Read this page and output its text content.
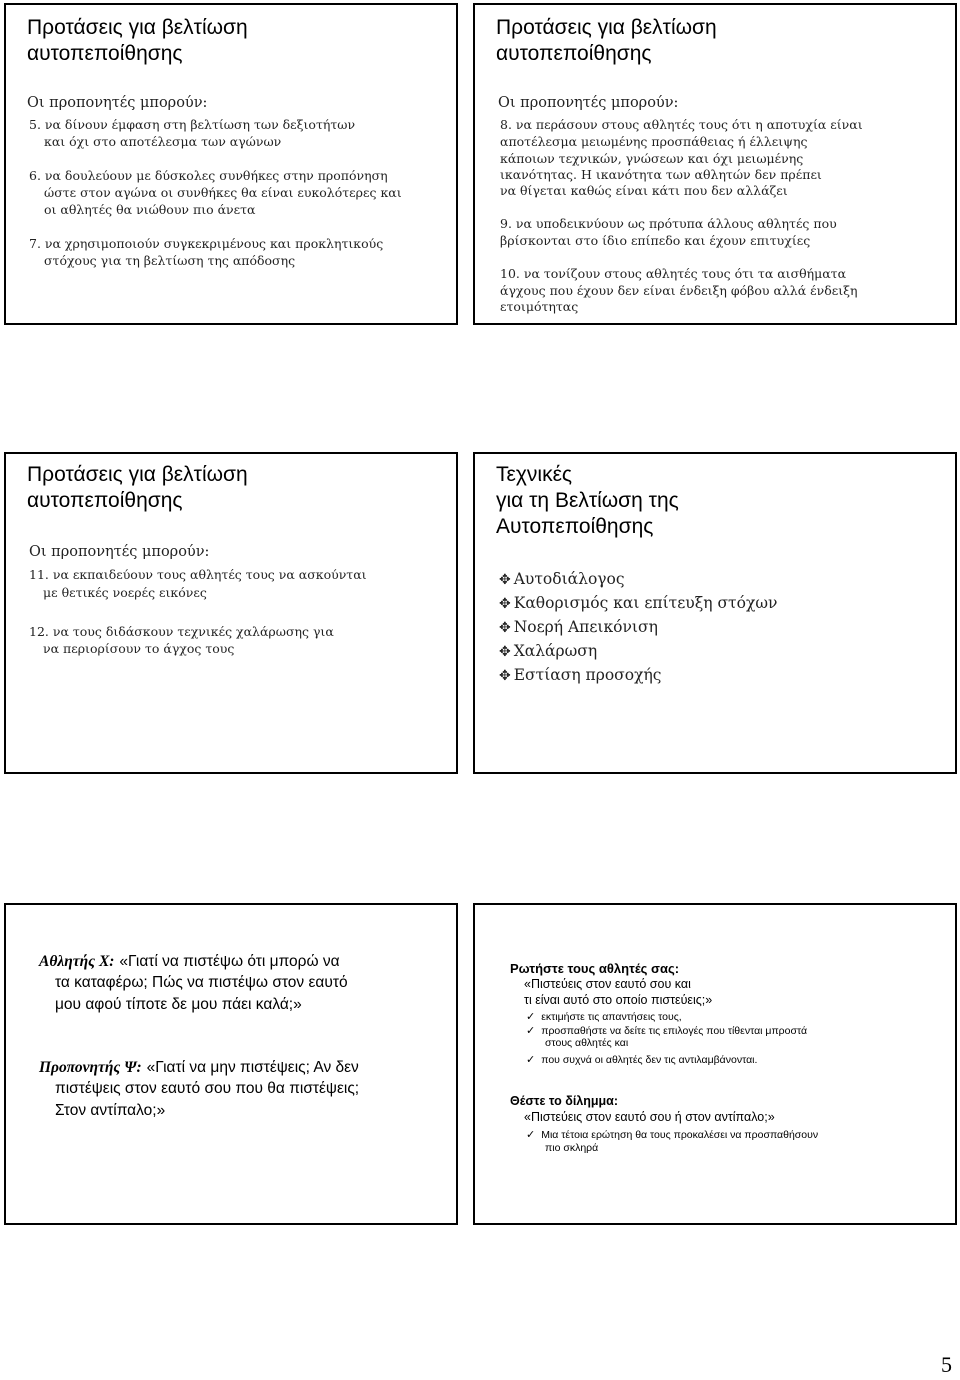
Προτάσεις για βελτίωση
αυτοπεποίθησης
Οι προπονητές μπορούν:
5. να δίνουν έμφαση στη βελτίωση των δεξιοτήτων
και όχι στο αποτέλεσμα των αγώνων
6. να δουλεύουν με δύσκολες συνθήκες στην προπόνηση
ώστε στον αγώνα οι συνθήκες θα είναι ευκολότερες και
οι αθλητές θα νιώθουν πιο άνετα
7. να χρησιμοποιούν συγκεκριμένους και προκλητικούς
στόχους για τη βελτίωση της απόδοσης
Προτάσεις για βελτίωση
αυτοπεποίθησης
Οι προπονητές μπορούν:
8. να περάσουν στους αθλητές τους ότι η αποτυχία είναι
αποτέλεσμα μειωμένης προσπάθειας ή έλλειψης
κάποιων τεχνικών, γνώσεων και όχι μειωμένης
ικανότητας. Η ικανότητα των αθλητών δεν πρέπει
να θίγεται καθώς είναι κάτι που δεν αλλάζει
9. να υποδεικνύουν ως πρότυπα άλλους αθλητές που
βρίσκονται στο ίδιο επίπεδο και έχουν επιτυχίες
10. να τονίζουν στους αθλητές τους ότι τα αισθήματα
άγχους που έχουν δεν είναι ένδειξη φόβου αλλά ένδειξη
ετοιμότητας
Προτάσεις για βελτίωση
αυτοπεποίθησης
Οι προπονητές μπορούν:
11. να εκπαιδεύουν τους αθλητές τους να ασκούνται
με θετικές νοερές εικόνες
12. να τους διδάσκουν τεχνικές χαλάρωσης για
να περιορίσουν το άγχος τους
Τεχνικές
για τη Βελτίωση της
Αυτοπεποίθησης
✥ Αυτοδιάλογος
✥ Καθορισμός και επίτευξη στόχων
✥ Νοερή Απεικόνιση
✥ Χαλάρωση
✥ Εστίαση προσοχής
Αθλητής Χ: «Γιατί να πιστέψω ότι μπορώ να
τα καταφέρω; Πώς να πιστέψω στον εαυτό
μου αφού τίποτε δε μου πάει καλά;»
Προπονητής Ψ: «Γιατί να μην πιστέψεις; Αν δεν
πιστέψεις στον εαυτό σου που θα πιστέψεις;
Στον αντίπαλο;»
Ρωτήστε τους αθλητές σας:
«Πιστεύεις στον εαυτό σου και
τι είναι αυτό στο οποίο πιστεύεις;»
✓ εκτιμήστε τις απαντήσεις τους,
✓ προσπαθήστε να δείτε τις επιλογές που τίθενται μπροστά
στους αθλητές και
✓ που συχνά οι αθλητές δεν τις αντιλαμβάνονται.
Θέστε το δίλημμα:
«Πιστεύεις στον εαυτό σου ή στον αντίπαλο;»
✓ Μια τέτοια ερώτηση θα τους προκαλέσει να προσπαθήσουν
πιο σκληρά
5
